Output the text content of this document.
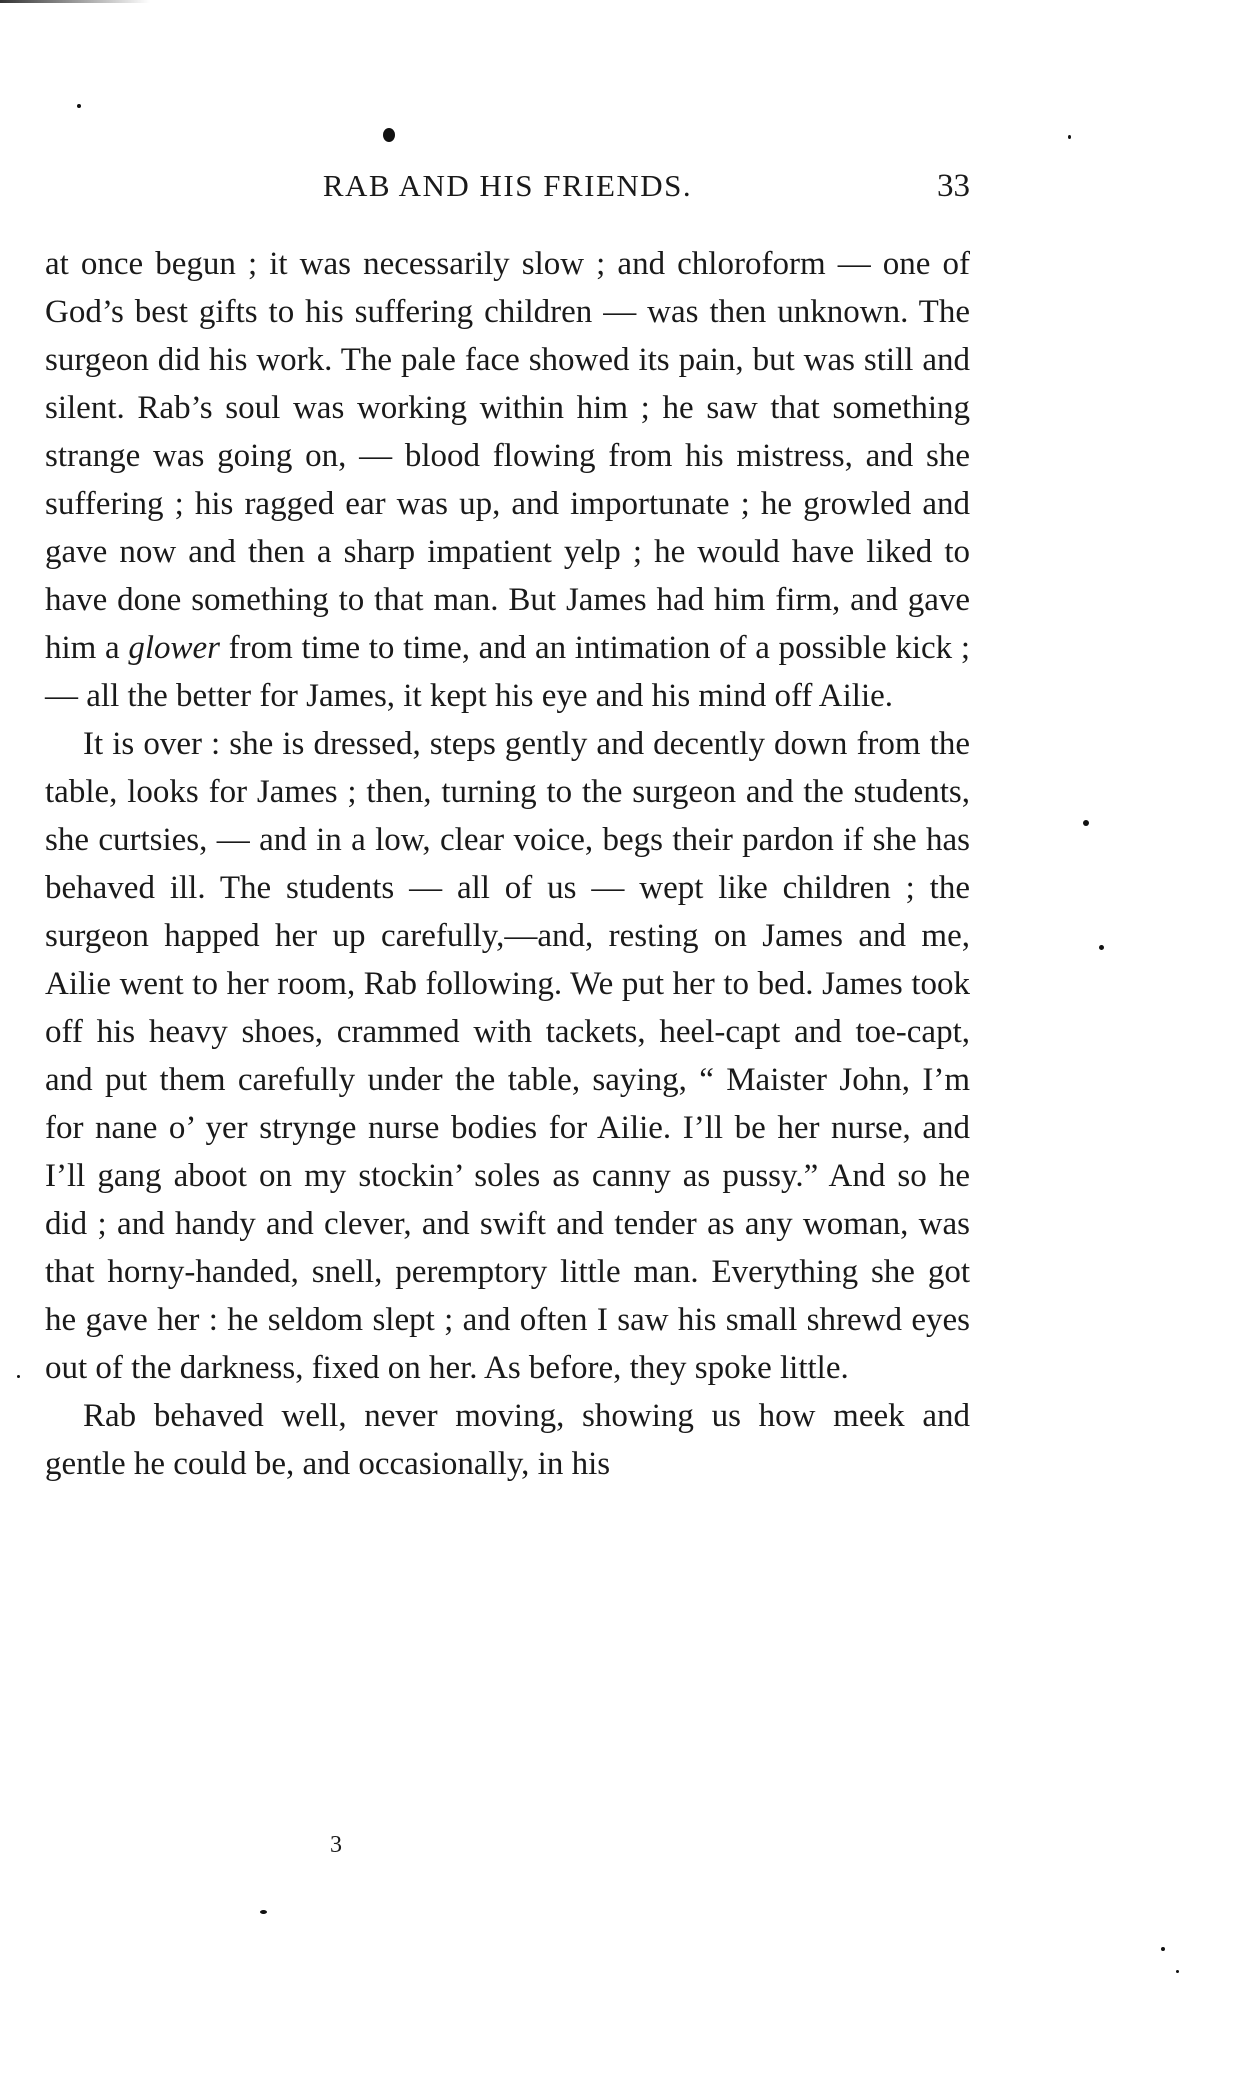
RAB AND HIS FRIENDS.	33

at once begun ; it was necessarily slow ; and chloroform — one of God’s best gifts to his suffering children — was then unknown. The surgeon did his work. The pale face showed its pain, but was still and silent. Rab’s soul was working within him ; he saw that something strange was going on, — blood flowing from his mistress, and she suffering ; his ragged ear was up, and importunate ; he growled and gave now and then a sharp impatient yelp ; he would have liked to have done something to that man. But James had him firm, and gave him a glower from time to time, and an intimation of a possible kick ; — all the better for James, it kept his eye and his mind off Ailie.

It is over : she is dressed, steps gently and decently down from the table, looks for James ; then, turning to the surgeon and the students, she curtsies, — and in a low, clear voice, begs their pardon if she has behaved ill. The students — all of us — wept like children ; the surgeon happed her up carefully,—and, resting on James and me, Ailie went to her room, Rab following. We put her to bed. James took off his heavy shoes, crammed with tackets, heel-capt and toe-capt, and put them carefully under the table, saying, “ Maister John, I’m for nane o’ yer strynge nurse bodies for Ailie. I’ll be her nurse, and I’ll gang aboot on my stockin’ soles as canny as pussy.” And so he did ; and handy and clever, and swift and tender as any woman, was that horny-handed, snell, peremptory little man. Everything she got he gave her : he seldom slept ; and often I saw his small shrewd eyes out of the darkness, fixed on her. As before, they spoke little.

Rab behaved well, never moving, showing us how meek and gentle he could be, and occasionally, in his

3
